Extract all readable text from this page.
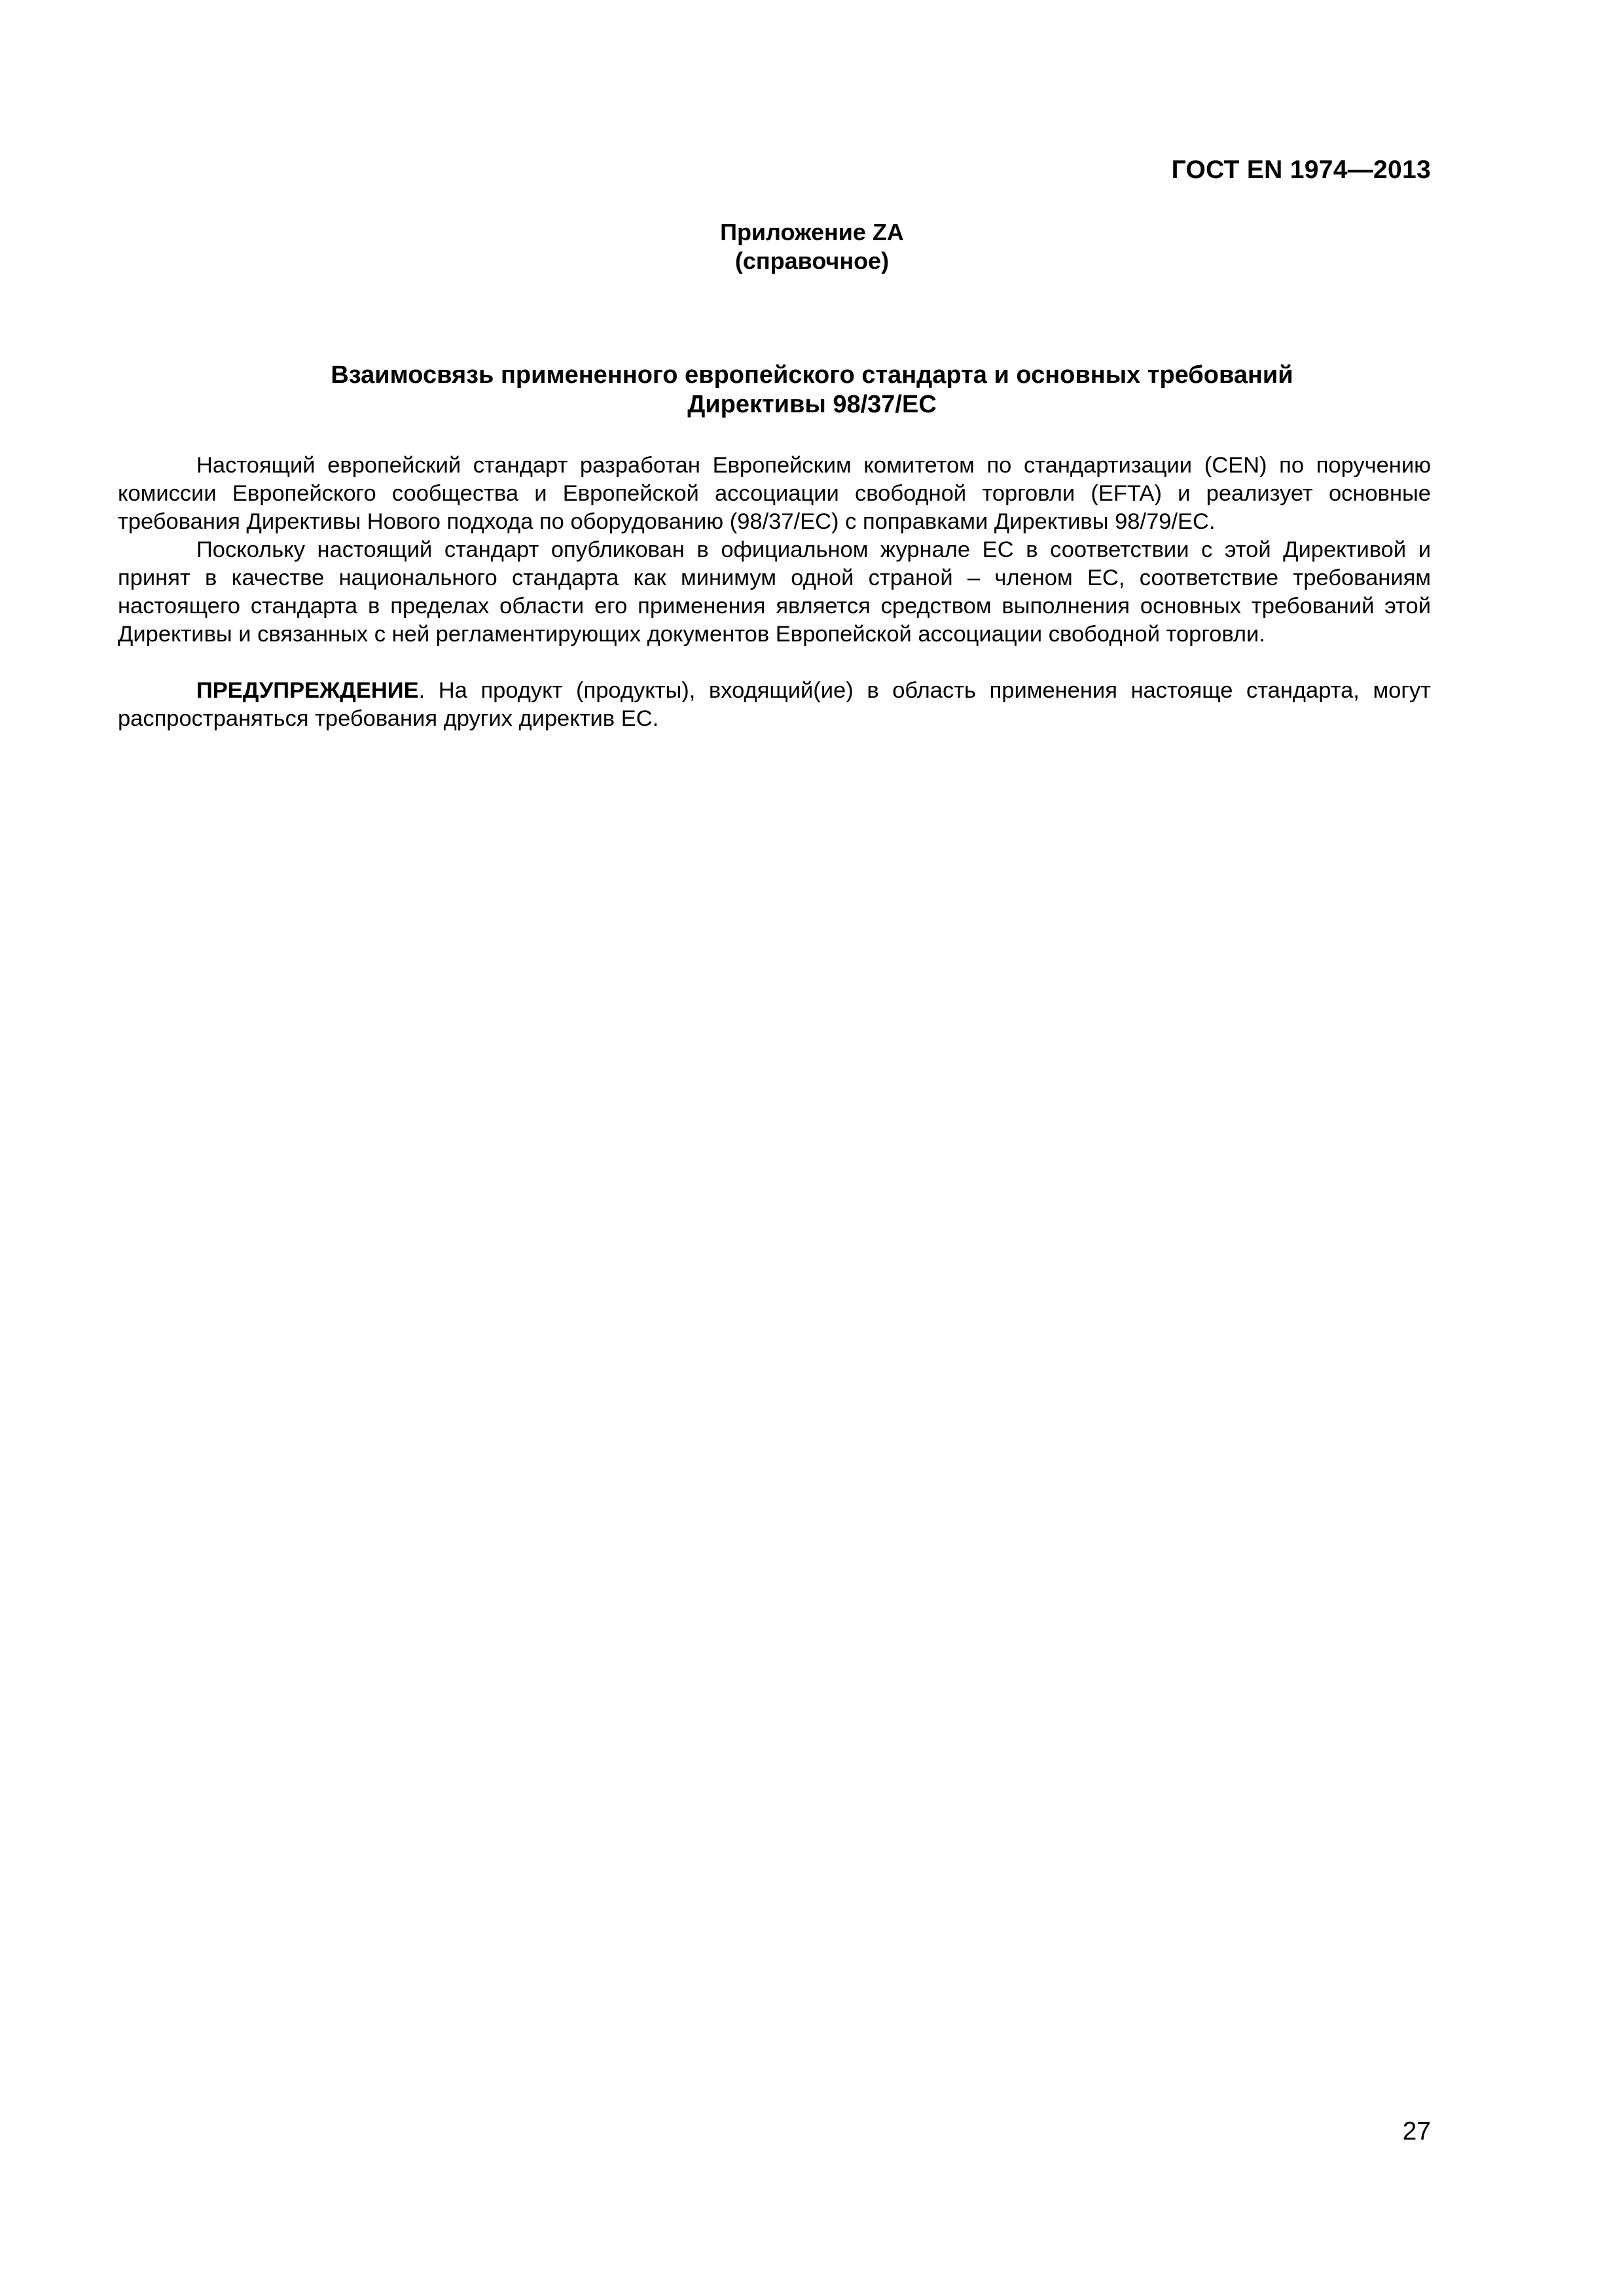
ГОСТ EN 1974—2013
Приложение ZA
(справочное)
Взаимосвязь примененного европейского стандарта и основных требований
Директивы 98/37/ЕС

Настоящий европейский стандарт разработан Европейским комитетом по стандартизации (CEN) по поручению комиссии Европейского сообщества и Европейской ассоциации свободной торговли (EFTA) и реализует основные требования Директивы Нового подхода по оборудованию (98/37/ЕС) с поправками Директивы 98/79/ЕС.

Поскольку настоящий стандарт опубликован в официальном журнале ЕС в соответствии с этой Директивой и принят в качестве национального стандарта как минимум одной страной – членом ЕС, соответствие требованиям настоящего стандарта в пределах области его применения является средством выполнения основных требований этой Директивы и связанных с ней регламентирующих документов Европейской ассоциации свободной торговли.

ПРЕДУПРЕЖДЕНИЕ. На продукт (продукты), входящий(ие) в область применения настояще стандарта, могут распространяться требования других директив ЕС.

27
